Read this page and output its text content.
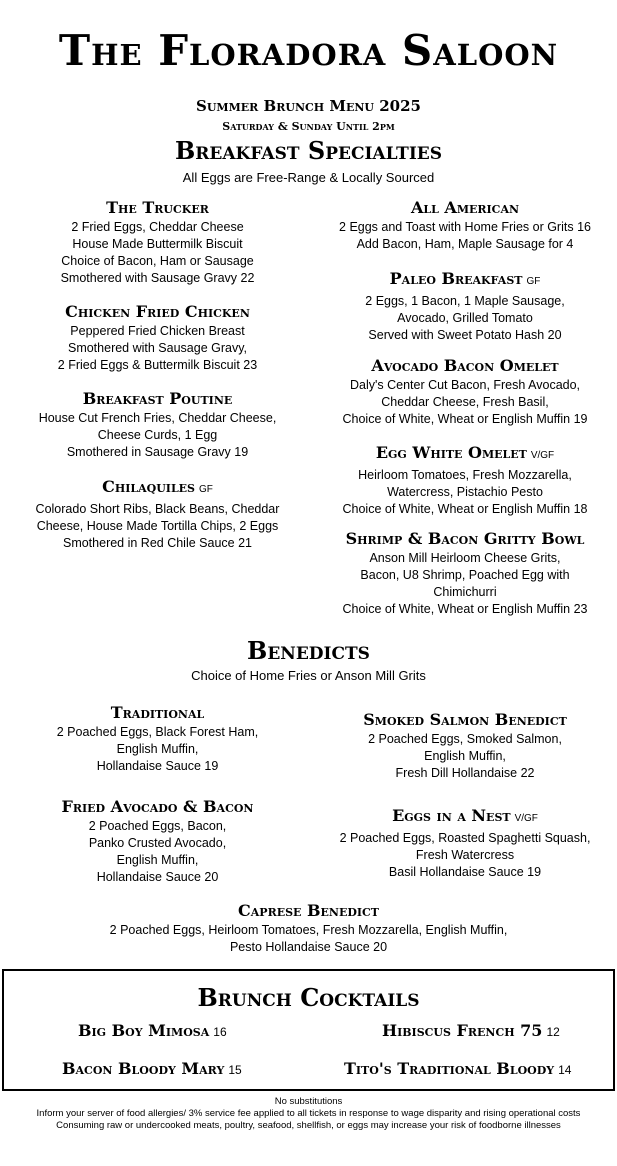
The Floradora Saloon
Summer Brunch Menu 2025
Saturday & Sunday Until 2pm
Breakfast Specialties
All Eggs are Free-Range & Locally Sourced
The Trucker
2 Fried Eggs, Cheddar Cheese
House Made Buttermilk Biscuit
Choice of Bacon, Ham or Sausage
Smothered with Sausage Gravy 22
Chicken Fried Chicken
Peppered Fried Chicken Breast
Smothered with Sausage Gravy,
2 Fried Eggs & Buttermilk Biscuit 23
Breakfast Poutine
House Cut French Fries, Cheddar Cheese,
Cheese Curds, 1 Egg
Smothered in Sausage Gravy 19
Chilaquiles GF
Colorado Short Ribs, Black Beans, Cheddar
Cheese, House Made Tortilla Chips, 2 Eggs
Smothered in Red Chile Sauce 21
All American
2 Eggs and Toast with Home Fries or Grits 16
Add Bacon, Ham, Maple Sausage for 4
Paleo Breakfast GF
2 Eggs, 1 Bacon, 1 Maple Sausage,
Avocado, Grilled Tomato
Served with Sweet Potato Hash 20
Avocado Bacon Omelet
Daly's Center Cut Bacon, Fresh Avocado,
Cheddar Cheese, Fresh Basil,
Choice of White, Wheat or English Muffin 19
Egg White Omelet V/GF
Heirloom Tomatoes, Fresh Mozzarella,
Watercress, Pistachio Pesto
Choice of White, Wheat or English Muffin 18
Shrimp & Bacon Gritty Bowl
Anson Mill Heirloom Cheese Grits,
Bacon, U8 Shrimp, Poached Egg with
Chimichurri
Choice of White, Wheat or English Muffin 23
Benedicts
Choice of Home Fries or Anson Mill Grits
Traditional
2 Poached Eggs, Black Forest Ham,
English Muffin,
Hollandaise Sauce 19
Fried Avocado & Bacon
2 Poached Eggs, Bacon,
Panko Crusted Avocado,
English Muffin,
Hollandaise Sauce 20
Smoked Salmon Benedict
2 Poached Eggs, Smoked Salmon,
English Muffin,
Fresh Dill Hollandaise 22
Eggs in a Nest V/GF
2 Poached Eggs, Roasted Spaghetti Squash,
Fresh Watercress
Basil Hollandaise Sauce 19
Caprese Benedict
2 Poached Eggs, Heirloom Tomatoes, Fresh Mozzarella, English Muffin,
Pesto Hollandaise Sauce 20
Brunch Cocktails
Big Boy Mimosa 16	Hibiscus French 75 12
Bacon Bloody Mary 15	Tito's Traditional Bloody 14
No substitutions
Inform your server of food allergies/ 3% service fee applied to all tickets in response to wage disparity and rising operational costs
Consuming raw or undercooked meats, poultry, seafood, shellfish, or eggs may increase your risk of foodborne illnesses
